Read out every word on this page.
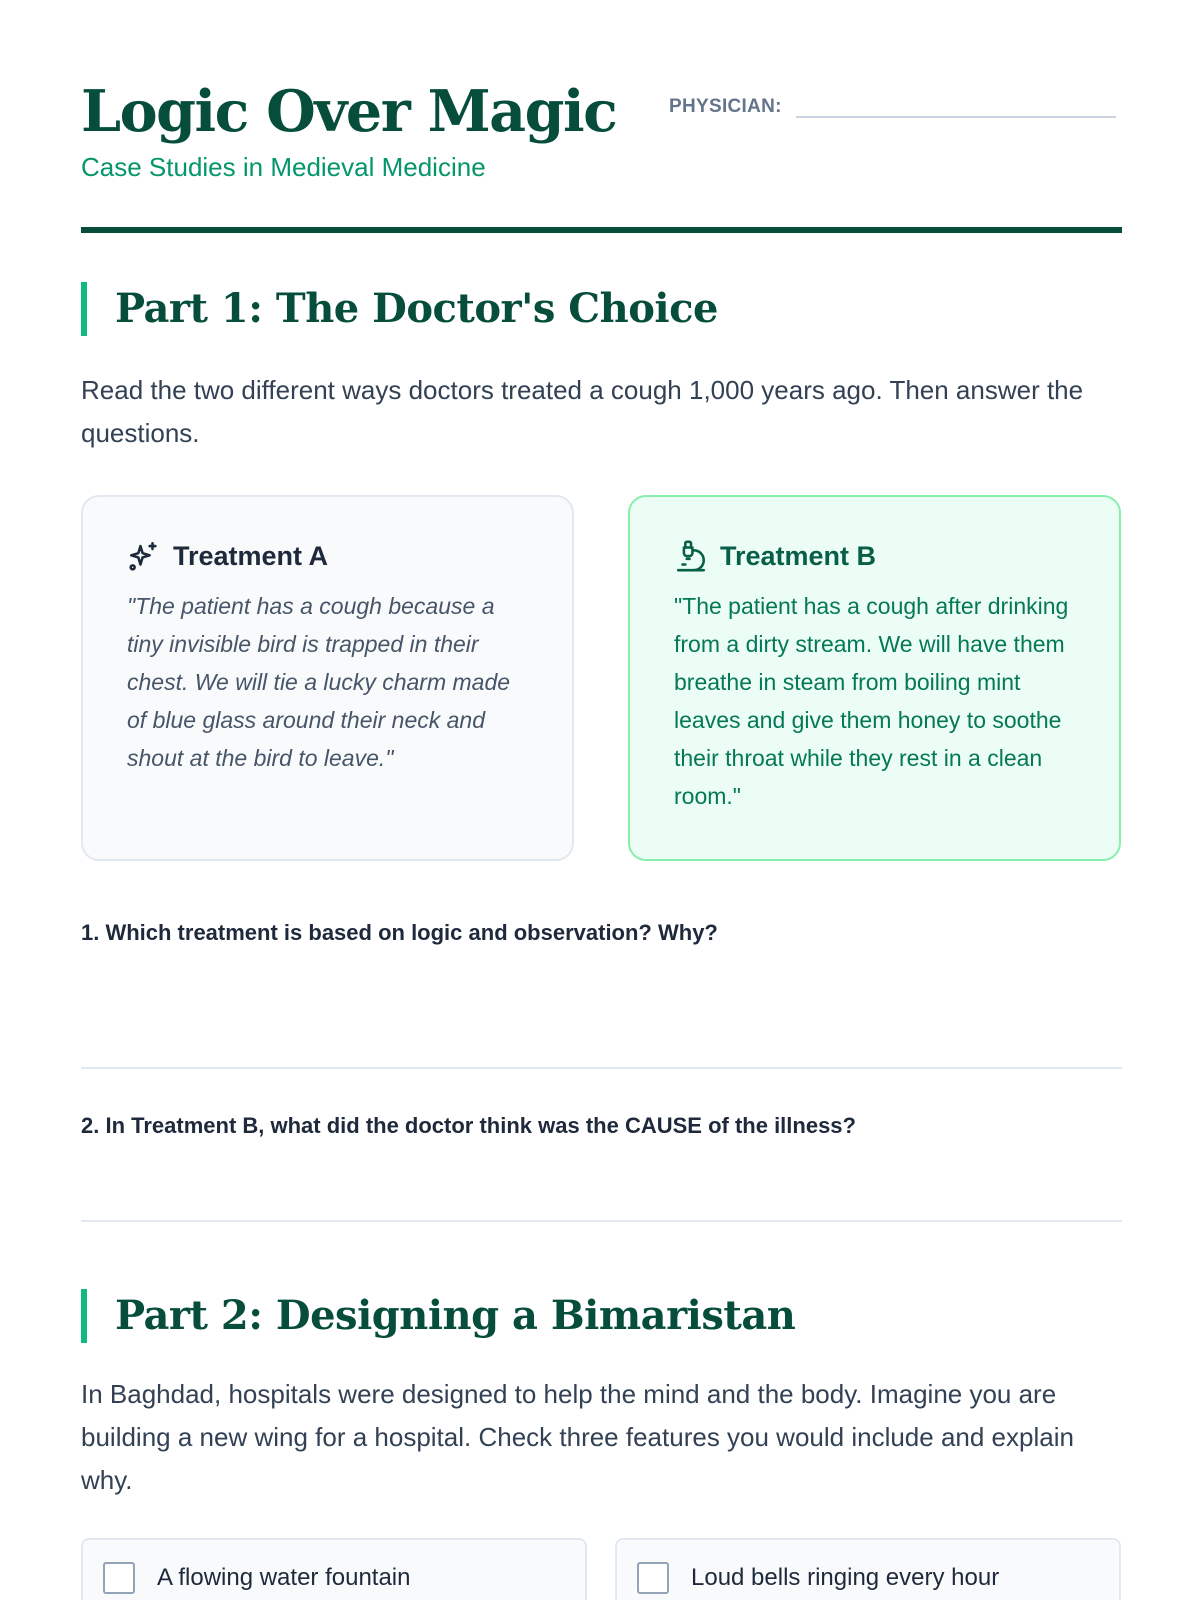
Logic Over Magic
Case Studies in Medieval Medicine
PHYSICIAN:
Part 1: The Doctor's Choice
Read the two different ways doctors treated a cough 1,000 years ago. Then answer the questions.
Treatment A
"The patient has a cough because a tiny invisible bird is trapped in their chest. We will tie a lucky charm made of blue glass around their neck and shout at the bird to leave."
Treatment B
"The patient has a cough after drinking from a dirty stream. We will have them breathe in steam from boiling mint leaves and give them honey to soothe their throat while they rest in a clean room."
1. Which treatment is based on logic and observation? Why?
2. In Treatment B, what did the doctor think was the CAUSE of the illness?
Part 2: Designing a Bimaristan
In Baghdad, hospitals were designed to help the mind and the body. Imagine you are building a new wing for a hospital. Check three features you would include and explain why.
A flowing water fountain	Loud bells ringing every hour
